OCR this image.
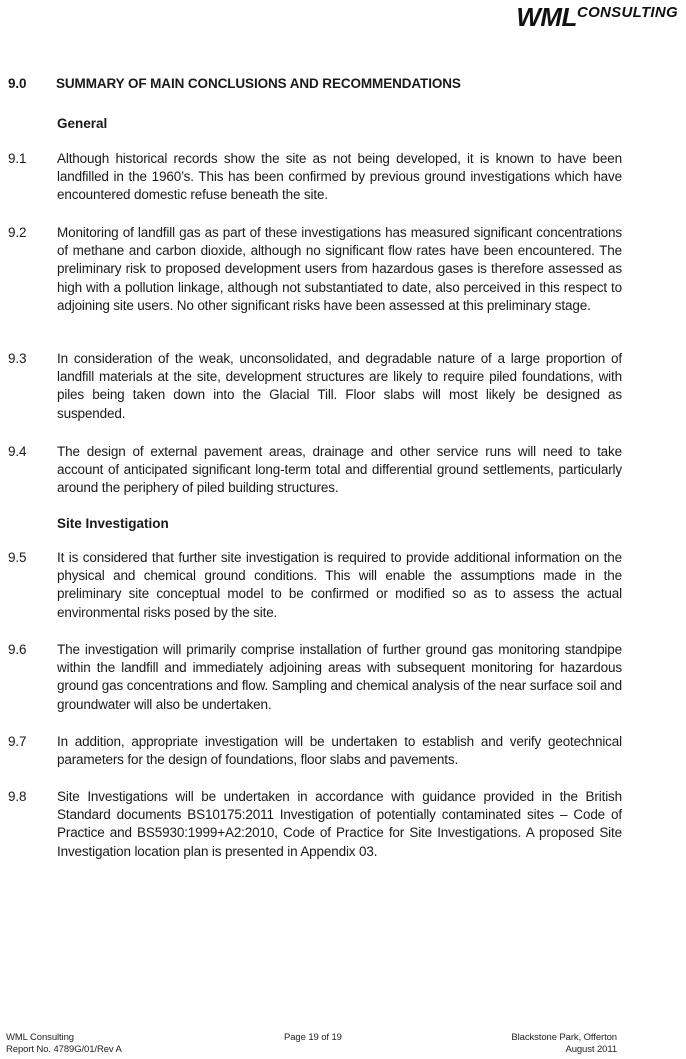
WMLCONSULTING
9.0 SUMMARY OF MAIN CONCLUSIONS AND RECOMMENDATIONS
General
9.1 Although historical records show the site as not being developed, it is known to have been landfilled in the 1960’s. This has been confirmed by previous ground investigations which have encountered domestic refuse beneath the site.
9.2 Monitoring of landfill gas as part of these investigations has measured significant concentrations of methane and carbon dioxide, although no significant flow rates have been encountered. The preliminary risk to proposed development users from hazardous gases is therefore assessed as high with a pollution linkage, although not substantiated to date, also perceived in this respect to adjoining site users. No other significant risks have been assessed at this preliminary stage.
9.3 In consideration of the weak, unconsolidated, and degradable nature of a large proportion of landfill materials at the site, development structures are likely to require piled foundations, with piles being taken down into the Glacial Till. Floor slabs will most likely be designed as suspended.
9.4 The design of external pavement areas, drainage and other service runs will need to take account of anticipated significant long-term total and differential ground settlements, particularly around the periphery of piled building structures.
Site Investigation
9.5 It is considered that further site investigation is required to provide additional information on the physical and chemical ground conditions. This will enable the assumptions made in the preliminary site conceptual model to be confirmed or modified so as to assess the actual environmental risks posed by the site.
9.6 The investigation will primarily comprise installation of further ground gas monitoring standpipe within the landfill and immediately adjoining areas with subsequent monitoring for hazardous ground gas concentrations and flow. Sampling and chemical analysis of the near surface soil and groundwater will also be undertaken.
9.7 In addition, appropriate investigation will be undertaken to establish and verify geotechnical parameters for the design of foundations, floor slabs and pavements.
9.8 Site Investigations will be undertaken in accordance with guidance provided in the British Standard documents BS10175:2011 Investigation of potentially contaminated sites – Code of Practice and BS5930:1999+A2:2010, Code of Practice for Site Investigations. A proposed Site Investigation location plan is presented in Appendix 03.
WML Consulting
Report No. 4789G/01/Rev A
Page 19 of 19	Blackstone Park, Offerton
August 2011
